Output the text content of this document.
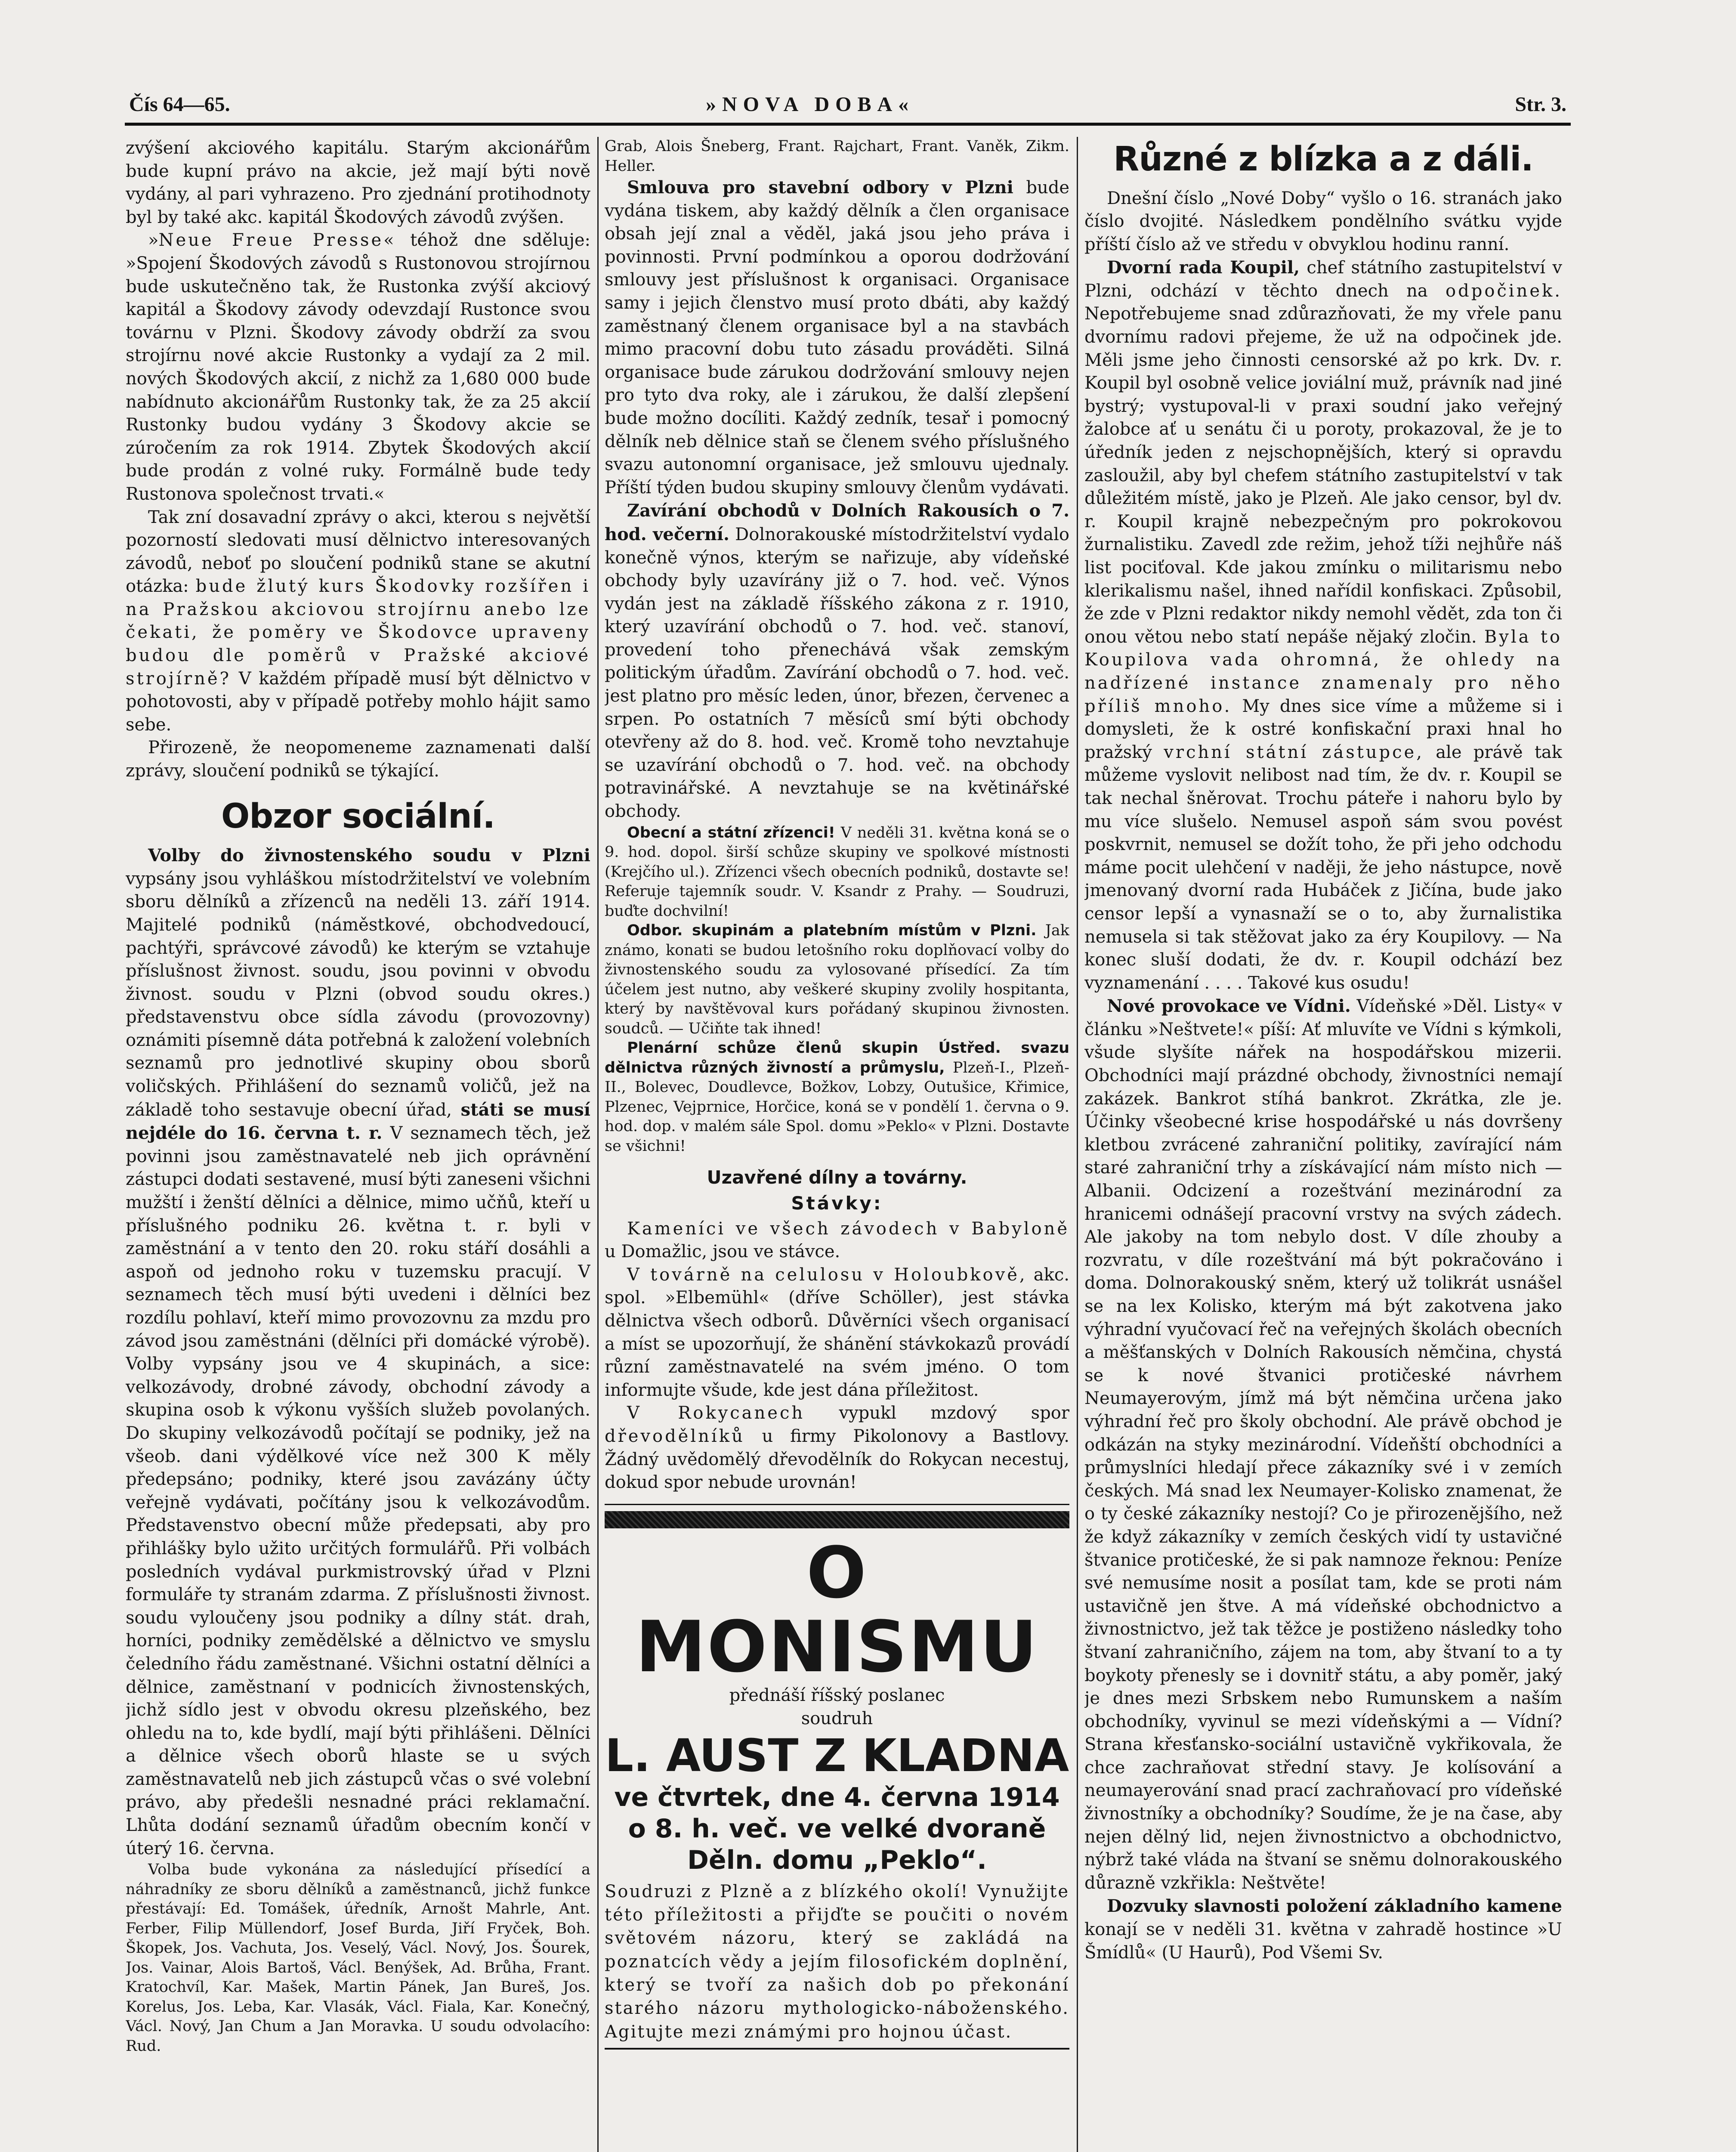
Čís 64—65.	»NOVA DOBA«	Str. 3.

zvýšení akciového kapitálu. Starým akcionářům bude kupní právo na akcie, jež mají býti nově vydány, al pari vyhrazeno. Pro zjednání protihodnoty byl by také akc. kapitál Škodových závodů zvýšen.

»Neue Freue Presse« téhož dne sděluje: »Spojení Škodových závodů s Rustonovou strojírnou bude uskutečněno tak, že Rustonka zvýší akciový kapitál a Škodovy závody odevzdají Rustonce svou továrnu v Plzni. Škodovy závody obdrží za svou strojírnu nové akcie Rustonky a vydají za 2 mil. nových Škodových akcií, z nichž za 1,680 000 bude nabídnuto akcionářům Rustonky tak, že za 25 akcií Rustonky budou vydány 3 Škodovy akcie se zúročením za rok 1914. Zbytek Škodových akcií bude prodán z volné ruky. Formálně bude tedy Rustonova společnost trvati.«

Tak zní dosavadní zprávy o akci, kterou s největší pozorností sledovati musí dělnictvo interesovaných závodů, neboť po sloučení podniků stane se akutní otázka: bude žlutý kurs Škodovky rozšířen i na Pražskou akciovou strojírnu anebo lze čekati, že poměry ve Škodovce upraveny budou dle poměrů v Pražské akciové strojírně? V každém případě musí být dělnictvo v pohotovosti, aby v případě potřeby mohlo hájit samo sebe.

Přirozeně, že neopomeneme zaznamenati další zprávy, sloučení podniků se týkající.

Obzor sociální.

Volby do živnostenského soudu v Plzni vypsány jsou vyhláškou místodržitelství ve volebním sboru dělníků a zřízenců na neděli 13. září 1914. Majitelé podniků (náměstkové, obchodvedoucí, pachtýři, správcové závodů) ke kterým se vztahuje příslušnost živnost. soudu, jsou povinni v obvodu živnost. soudu v Plzni (obvod soudu okres.) představenstvu obce sídla závodu (provozovny) oznámiti písemně dáta potřebná k založení volebních seznamů pro jednotlivé skupiny obou sborů voličských. Přihlášení do seznamů voličů, jež na základě toho sestavuje obecní úřad, státi se musí nejdéle do 16. června t. r. V seznamech těch, jež povinni jsou zaměstnavatelé neb jich oprávnění zástupci dodati sestavené, musí býti zaneseni všichni mužští i ženští dělníci a dělnice, mimo učňů, kteří u příslušného podniku 26. května t. r. byli v zaměstnání a v tento den 20. roku stáří dosáhli a aspoň od jednoho roku v tuzemsku pracují. V seznamech těch musí býti uvedeni i dělníci bez rozdílu pohlaví, kteří mimo provozovnu za mzdu pro závod jsou zaměstnáni (dělníci při domácké výrobě). Volby vypsány jsou ve 4 skupinách, a sice: velkozávody, drobné závody, obchodní závody a skupina osob k výkonu vyšších služeb povolaných. Do skupiny velkozávodů počítají se podniky, jež na všeob. dani výdělkové více než 300 K měly předepsáno; podniky, které jsou zavázány účty veřejně vydávati, počítány jsou k velkozávodům. Představenstvo obecní může předepsati, aby pro přihlášky bylo užito určitých formulářů. Při volbách posledních vydával purkmistrovský úřad v Plzni formuláře ty stranám zdarma. Z příslušnosti živnost. soudu vyloučeny jsou podniky a dílny stát. drah, horníci, podniky zemědělské a dělnictvo ve smyslu čeledního řádu zaměstnané. Všichni ostatní dělníci a dělnice, zaměstnaní v podnicích živnostenských, jichž sídlo jest v obvodu okresu plzeňského, bez ohledu na to, kde bydlí, mají býti přihlášeni. Dělníci a dělnice všech oborů hlaste se u svých zaměstnavatelů neb jich zástupců včas o své volební právo, aby předešli nesnadné práci reklamační. Lhůta dodání seznamů úřadům obecním končí v úterý 16. června.

Volba bude vykonána za následující přísedící a náhradníky ze sboru dělníků a zaměstnanců, jichž funkce přestávají: Ed. Tomášek, úředník, Arnošt Mahrle, Ant. Ferber, Filip Müllendorf, Josef Burda, Jiří Fryček, Boh. Škopek, Jos. Vachuta, Jos. Veselý, Václ. Nový, Jos. Šourek, Jos. Vainar, Alois Bartoš, Václ. Benýšek, Ad. Brůha, Frant. Kratochvíl, Kar. Mašek, Martin Pánek, Jan Bureš, Jos. Korelus, Jos. Leba, Kar. Vlasák, Václ. Fiala, Kar. Konečný, Václ. Nový, Jan Chum a Jan Moravka. U soudu odvolacího: Rud.

Grab, Alois Šneberg, Frant. Rajchart, Frant. Vaněk, Zikm. Heller.

Smlouva pro stavební odbory v Plzni bude vydána tiskem, aby každý dělník a člen organisace obsah její znal a věděl, jaká jsou jeho práva i povinnosti. První podmínkou a oporou dodržování smlouvy jest příslušnost k organisaci. Organisace samy i jejich členstvo musí proto dbáti, aby každý zaměstnaný členem organisace byl a na stavbách mimo pracovní dobu tuto zásadu prováděti. Silná organisace bude zárukou dodržování smlouvy nejen pro tyto dva roky, ale i zárukou, že další zlepšení bude možno docíliti. Každý zedník, tesař i pomocný dělník neb dělnice staň se členem svého příslušného svazu autonomní organisace, jež smlouvu ujednaly. Příští týden budou skupiny smlouvy členům vydávati.

Zavírání obchodů v Dolních Rakousích o 7. hod. večerní. Dolnorakouské místodržitelství vydalo konečně výnos, kterým se nařizuje, aby vídeňské obchody byly uzavírány již o 7. hod. več. Výnos vydán jest na základě říšského zákona z r. 1910, který uzavírání obchodů o 7. hod. več. stanoví, provedení toho přenechává však zemským politickým úřadům. Zavírání obchodů o 7. hod. več. jest platno pro měsíc leden, únor, březen, červenec a srpen. Po ostatních 7 měsíců smí býti obchody otevřeny až do 8. hod. več. Kromě toho nevztahuje se uzavírání obchodů o 7. hod. več. na obchody potravinářské. A nevztahuje se na květinářské obchody.

Obecní a státní zřízenci! V neděli 31. května koná se o 9. hod. dopol. širší schůze skupiny ve spolkové místnosti (Krejčího ul.). Zřízenci všech obecních podniků, dostavte se! Referuje tajemník soudr. V. Ksandr z Prahy. — Soudruzi, buďte dochvilní!

Odbor. skupinám a platebním místům v Plzni. Jak známo, konati se budou letošního roku doplňovací volby do živnostenského soudu za vylosované přísedící. Za tím účelem jest nutno, aby veškeré skupiny zvolily hospitanta, který by navštěvoval kurs pořádaný skupinou živnosten. soudců. — Učiňte tak ihned!

Plenární schůze členů skupin Ústřed. svazu dělnictva různých živností a průmyslu, Plzeň-I., Plzeň-II., Bolevec, Doudlevce, Božkov, Lobzy, Outušice, Křimice, Plzenec, Vejprnice, Horčice, koná se v pondělí 1. června o 9. hod. dop. v malém sále Spol. domu »Peklo« v Plzni. Dostavte se všichni!

Uzavřené dílny a továrny.
Stávky:

Kameníci ve všech závodech v Babyloně u Domažlic, jsou ve stávce.

V továrně na celulosu v Holoubkově, akc. spol. »Elbemühl« (dříve Schöller), jest stávka dělnictva všech odborů. Důvěrníci všech organisací a míst se upozorňují, že shánění stávkokazů provádí různí zaměstnavatelé na svém jméno. O tom informujte všude, kde jest dána příležitost.

V Rokycanech vypukl mzdový spor dřevodělníků u firmy Pikolonovy a Bastlovy. Žádný uvědomělý dřevodělník do Rokycan necestuj, dokud spor nebude urovnán!

O MONISMU
přednáší říšský poslanec
soudruh
L. AUST Z KLADNA
ve čtvrtek, dne 4. června 1914
o 8. h. več. ve velké dvoraně
Děln. domu „Peklo“.
Soudruzi z Plzně a z blízkého okolí! Vynužijte této příležitosti a přijďte se poučiti o novém světovém názoru, který se zakládá na poznatcích vědy a jejím filosofickém doplnění, který se tvoří za našich dob po překonání starého názoru mythologicko-náboženského. Agitujte mezi známými pro hojnou účast.
Různé z blízka a z dáli.

Dnešní číslo „Nové Doby“ vyšlo o 16. stranách jako číslo dvojité. Následkem pondělního svátku vyjde příští číslo až ve středu v obvyklou hodinu ranní.

Dvorní rada Koupil, chef státního zastupitelství v Plzni, odchází v těchto dnech na odpočinek. Nepotřebujeme snad zdůrazňovati, že my vřele panu dvornímu radovi přejeme, že už na odpočinek jde. Měli jsme jeho činnosti censorské až po krk. Dv. r. Koupil byl osobně velice joviální muž, právník nad jiné bystrý; vystupoval-li v praxi soudní jako veřejný žalobce ať u senátu či u poroty, prokazoval, že je to úředník jeden z nejschopnějších, který si opravdu zasloužil, aby byl chefem státního zastupitelství v tak důležitém místě, jako je Plzeň. Ale jako censor, byl dv. r. Koupil krajně nebezpečným pro pokrokovou žurnalistiku. Zavedl zde režim, jehož tíži nejhůře náš list pociťoval. Kde jakou zmínku o militarismu nebo klerikalismu našel, ihned nařídil konfiskaci. Způsobil, že zde v Plzni redaktor nikdy nemohl vědět, zda ton či onou větou nebo statí nepáše nějaký zločin. Byla to Koupilova vada ohromná, že ohledy na nadřízené instance znamenaly pro něho příliš mnoho. My dnes sice víme a můžeme si i domysleti, že k ostré konfiskační praxi hnal ho pražský vrchní státní zástupce, ale právě tak můžeme vyslovit nelibost nad tím, že dv. r. Koupil se tak nechal šněrovat. Trochu páteře i nahoru bylo by mu více slušelo. Nemusel aspoň sám svou povést poskvrnit, nemusel se dožít toho, že při jeho odchodu máme pocit ulehčení v naději, že jeho nástupce, nově jmenovaný dvorní rada Hubáček z Jičína, bude jako censor lepší a vynasnaží se o to, aby žurnalistika nemusela si tak stěžovat jako za éry Koupilovy. — Na konec sluší dodati, že dv. r. Koupil odchází bez vyznamenání . . . . Takové kus osudu!

Nové provokace ve Vídni. Vídeňské »Děl. Listy« v článku »Neštvete!« píší: Ať mluvíte ve Vídni s kýmkoli, všude slyšíte nářek na hospodářskou mizerii. Obchodníci mají prázdné obchody, živnostníci nemají zakázek. Bankrot stíhá bankrot. Zkrátka, zle je. Účinky všeobecné krise hospodářské u nás dovršeny kletbou zvrácené zahraniční politiky, zavírající nám staré zahraniční trhy a získávající nám místo nich — Albanii. Odcizení a rozeštvání mezinárodní za hranicemi odnášejí pracovní vrstvy na svých zádech. Ale jakoby na tom nebylo dost. V díle zhouby a rozvratu, v díle rozeštvání má být pokračováno i doma. Dolnorakouský sněm, který už tolikrát usnášel se na lex Kolisko, kterým má být zakotvena jako výhradní vyučovací řeč na veřejných školách obecních a měšťanských v Dolních Rakousích němčina, chystá se k nové štvanici protičeské návrhem Neumayerovým, jímž má být němčina určena jako výhradní řeč pro školy obchodní. Ale právě obchod je odkázán na styky mezinárodní. Vídeňští obchodníci a průmyslníci hledají přece zákazníky své i v zemích českých. Má snad lex Neumayer-Kolisko znamenat, že o ty české zákazníky nestojí? Co je přirozenějšího, než že když zákazníky v zemích českých vidí ty ustavičné štvanice protičeské, že si pak namnoze řeknou: Peníze své nemusíme nosit a posílat tam, kde se proti nám ustavičně jen štve. A má vídeňské obchodnictvo a živnostnictvo, jež tak těžce je postiženo následky toho štvaní zahraničního, zájem na tom, aby štvaní to a ty boykoty přenesly se i dovnitř státu, a aby poměr, jaký je dnes mezi Srbskem nebo Rumunskem a naším obchodníky, vyvinul se mezi vídeňskými a — Vídní? Strana křesťansko-sociální ustavičně vykřikovala, že chce zachraňovat střední stavy. Je kolísování a neumayerování snad prací zachraňovací pro vídeňské živnostníky a obchodníky? Soudíme, že je na čase, aby nejen dělný lid, nejen živnostnictvo a obchodnictvo, nýbrž také vláda na štvaní se sněmu dolnorakouského důrazně vzkřikla: Neštvěte!

Dozvuky slavnosti položení základního kamene konají se v neděli 31. května v zahradě hostince »U Šmídlů« (U Haurů), Pod Všemi Sv.
